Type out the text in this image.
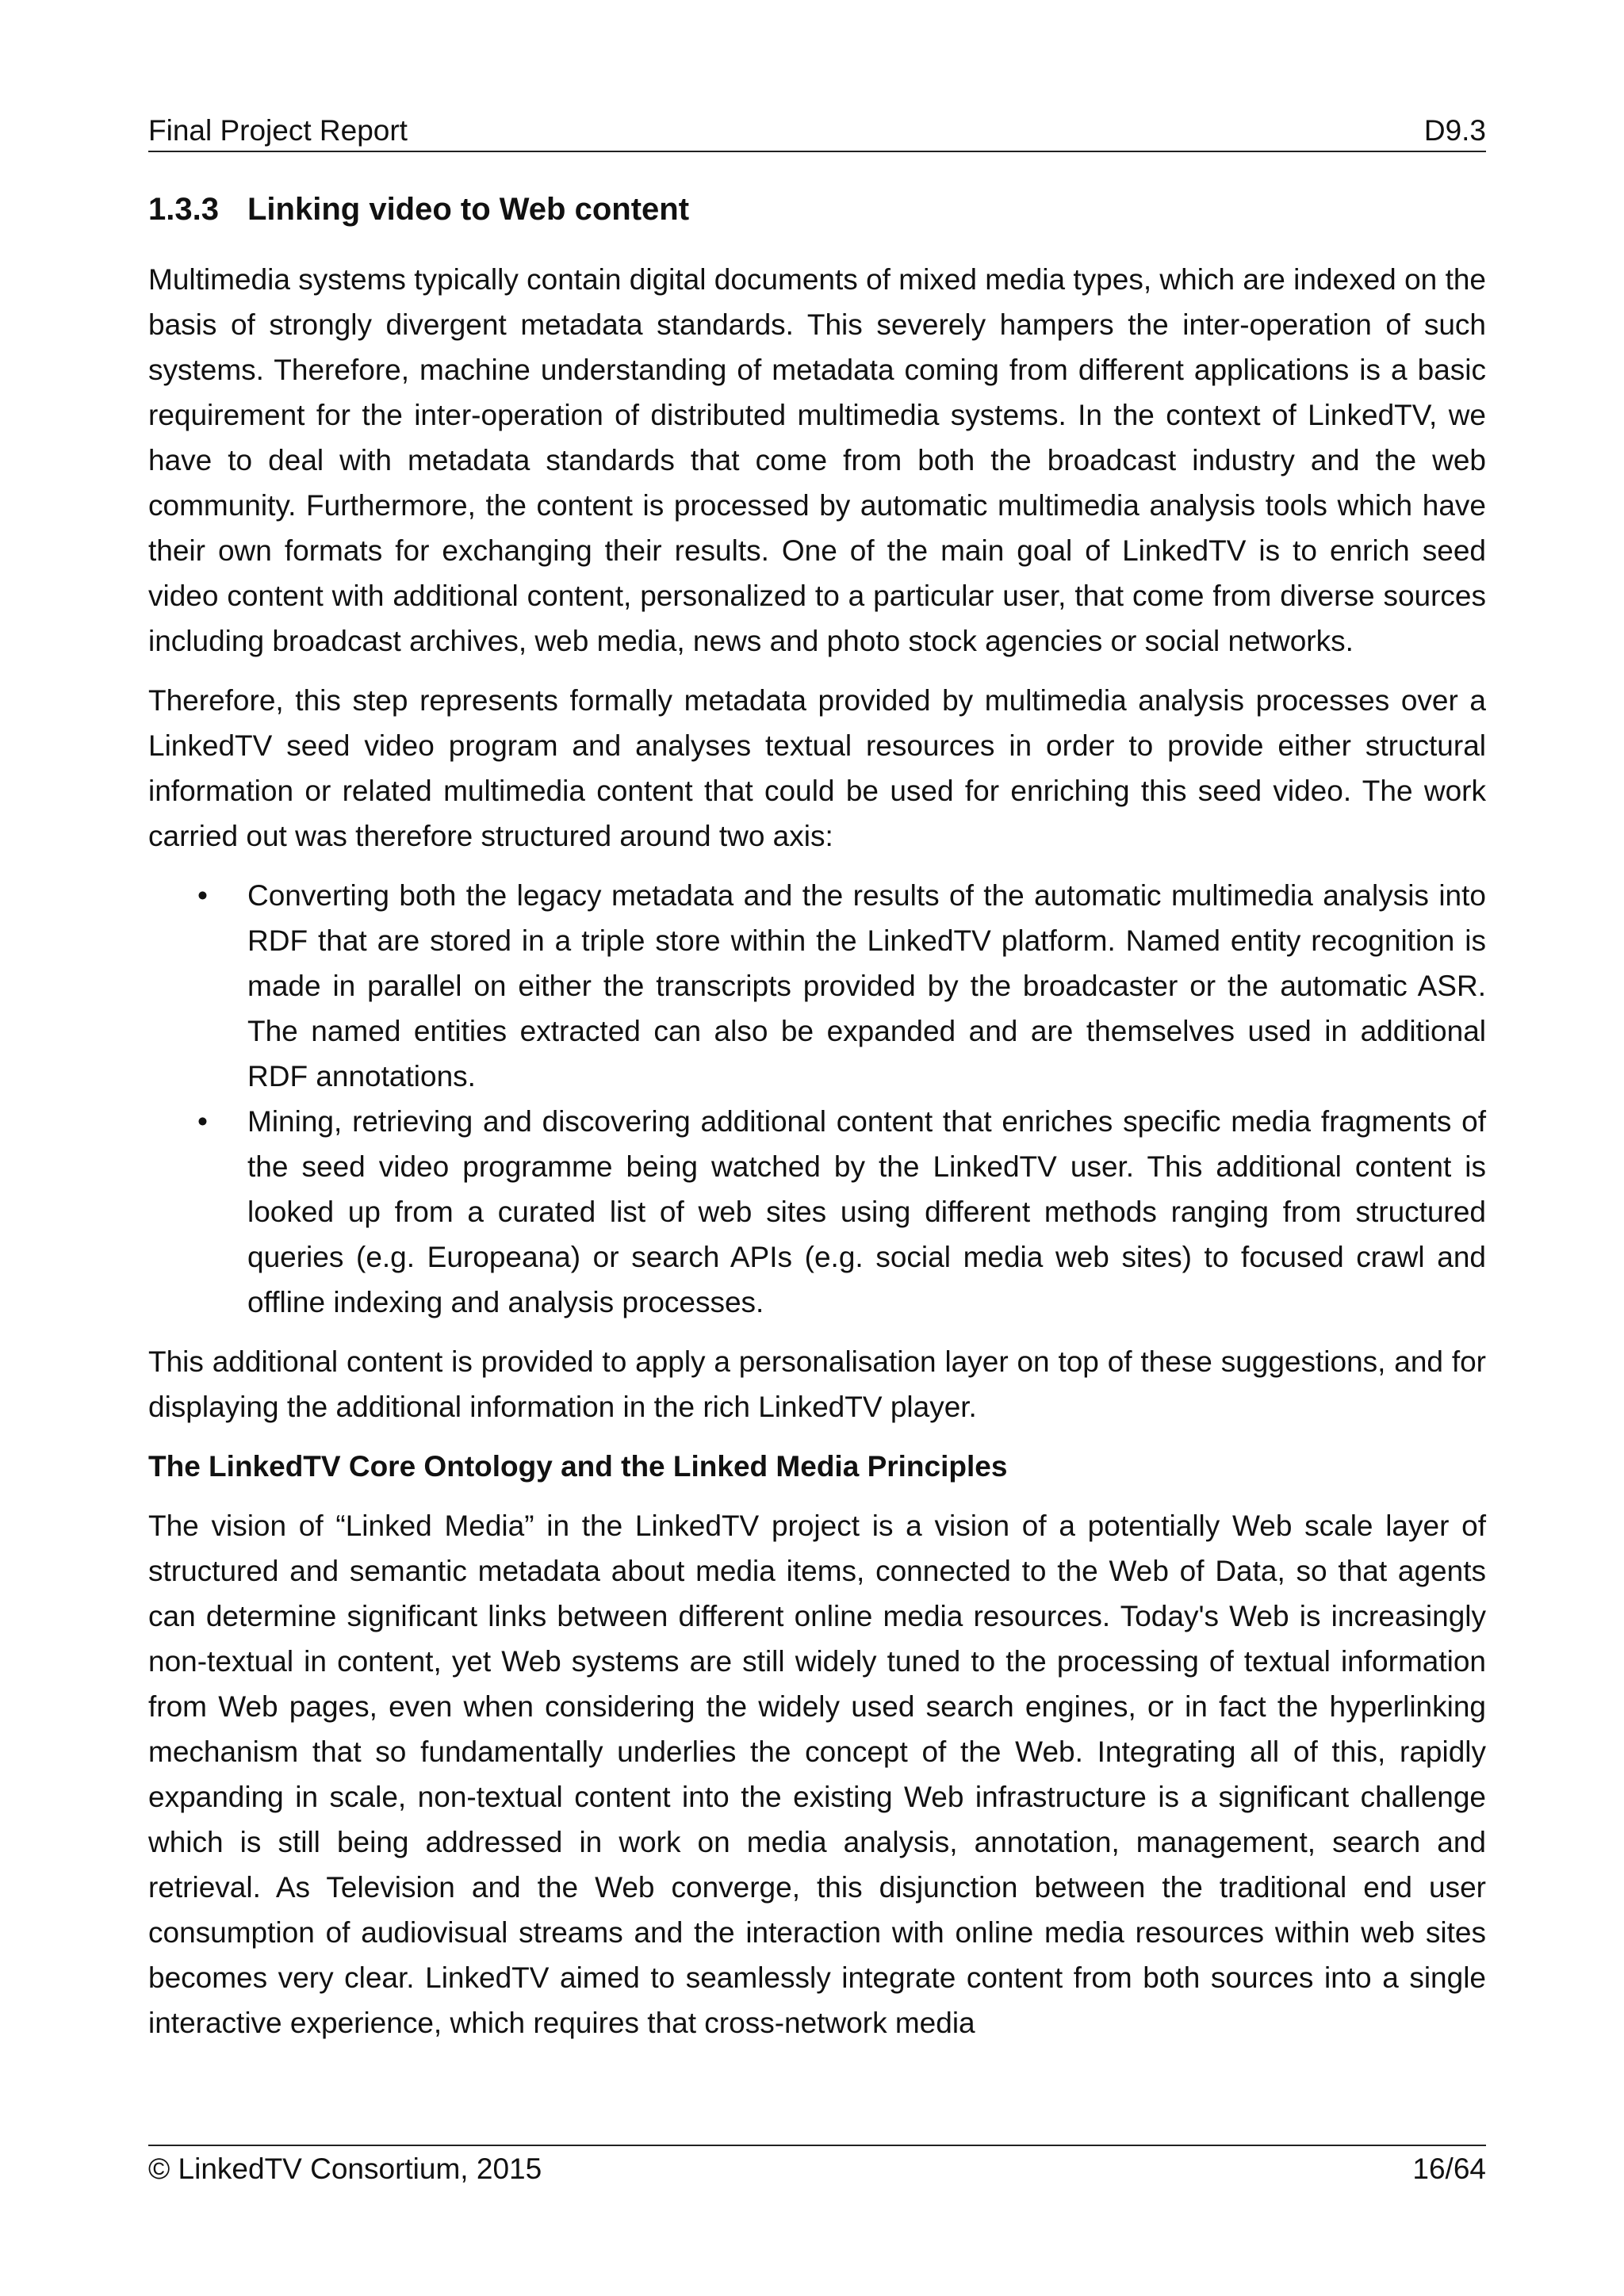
Final Project Report	D9.3
1.3.3 Linking video to Web content

Multimedia systems typically contain digital documents of mixed media types, which are indexed on the basis of strongly divergent metadata standards. This severely hampers the inter-operation of such systems. Therefore, machine understanding of metadata coming from different applications is a basic requirement for the inter-operation of distributed multimedia systems. In the context of LinkedTV, we have to deal with metadata standards that come from both the broadcast industry and the web community. Furthermore, the content is processed by automatic multimedia analysis tools which have their own formats for exchanging their results. One of the main goal of LinkedTV is to enrich seed video content with additional content, personalized to a particular user, that come from diverse sources including broadcast archives, web media, news and photo stock agencies or social networks.

Therefore, this step represents formally metadata provided by multimedia analysis processes over a LinkedTV seed video program and analyses textual resources in order to provide either structural information or related multimedia content that could be used for enriching this seed video. The work carried out was therefore structured around two axis:

• Converting both the legacy metadata and the results of the automatic multimedia analysis into RDF that are stored in a triple store within the LinkedTV platform. Named entity recognition is made in parallel on either the transcripts provided by the broadcaster or the automatic ASR. The named entities extracted can also be expanded and are themselves used in additional RDF annotations.
• Mining, retrieving and discovering additional content that enriches specific media fragments of the seed video programme being watched by the LinkedTV user. This additional content is looked up from a curated list of web sites using different methods ranging from structured queries (e.g. Europeana) or search APIs (e.g. social media web sites) to focused crawl and offline indexing and analysis processes.

This additional content is provided to apply a personalisation layer on top of these suggestions, and for displaying the additional information in the rich LinkedTV player.

The LinkedTV Core Ontology and the Linked Media Principles

The vision of “Linked Media” in the LinkedTV project is a vision of a potentially Web scale layer of structured and semantic metadata about media items, connected to the Web of Data, so that agents can determine significant links between different online media resources. Today's Web is increasingly non-textual in content, yet Web systems are still widely tuned to the processing of textual information from Web pages, even when considering the widely used search engines, or in fact the hyperlinking mechanism that so fundamentally underlies the concept of the Web. Integrating all of this, rapidly expanding in scale, non-textual content into the existing Web infrastructure is a significant challenge which is still being addressed in work on media analysis, annotation, management, search and retrieval. As Television and the Web converge, this disjunction between the traditional end user consumption of audiovisual streams and the interaction with online media resources within web sites becomes very clear. LinkedTV aimed to seamlessly integrate content from both sources into a single interactive experience, which requires that cross-network media

© LinkedTV Consortium, 2015	16/64
